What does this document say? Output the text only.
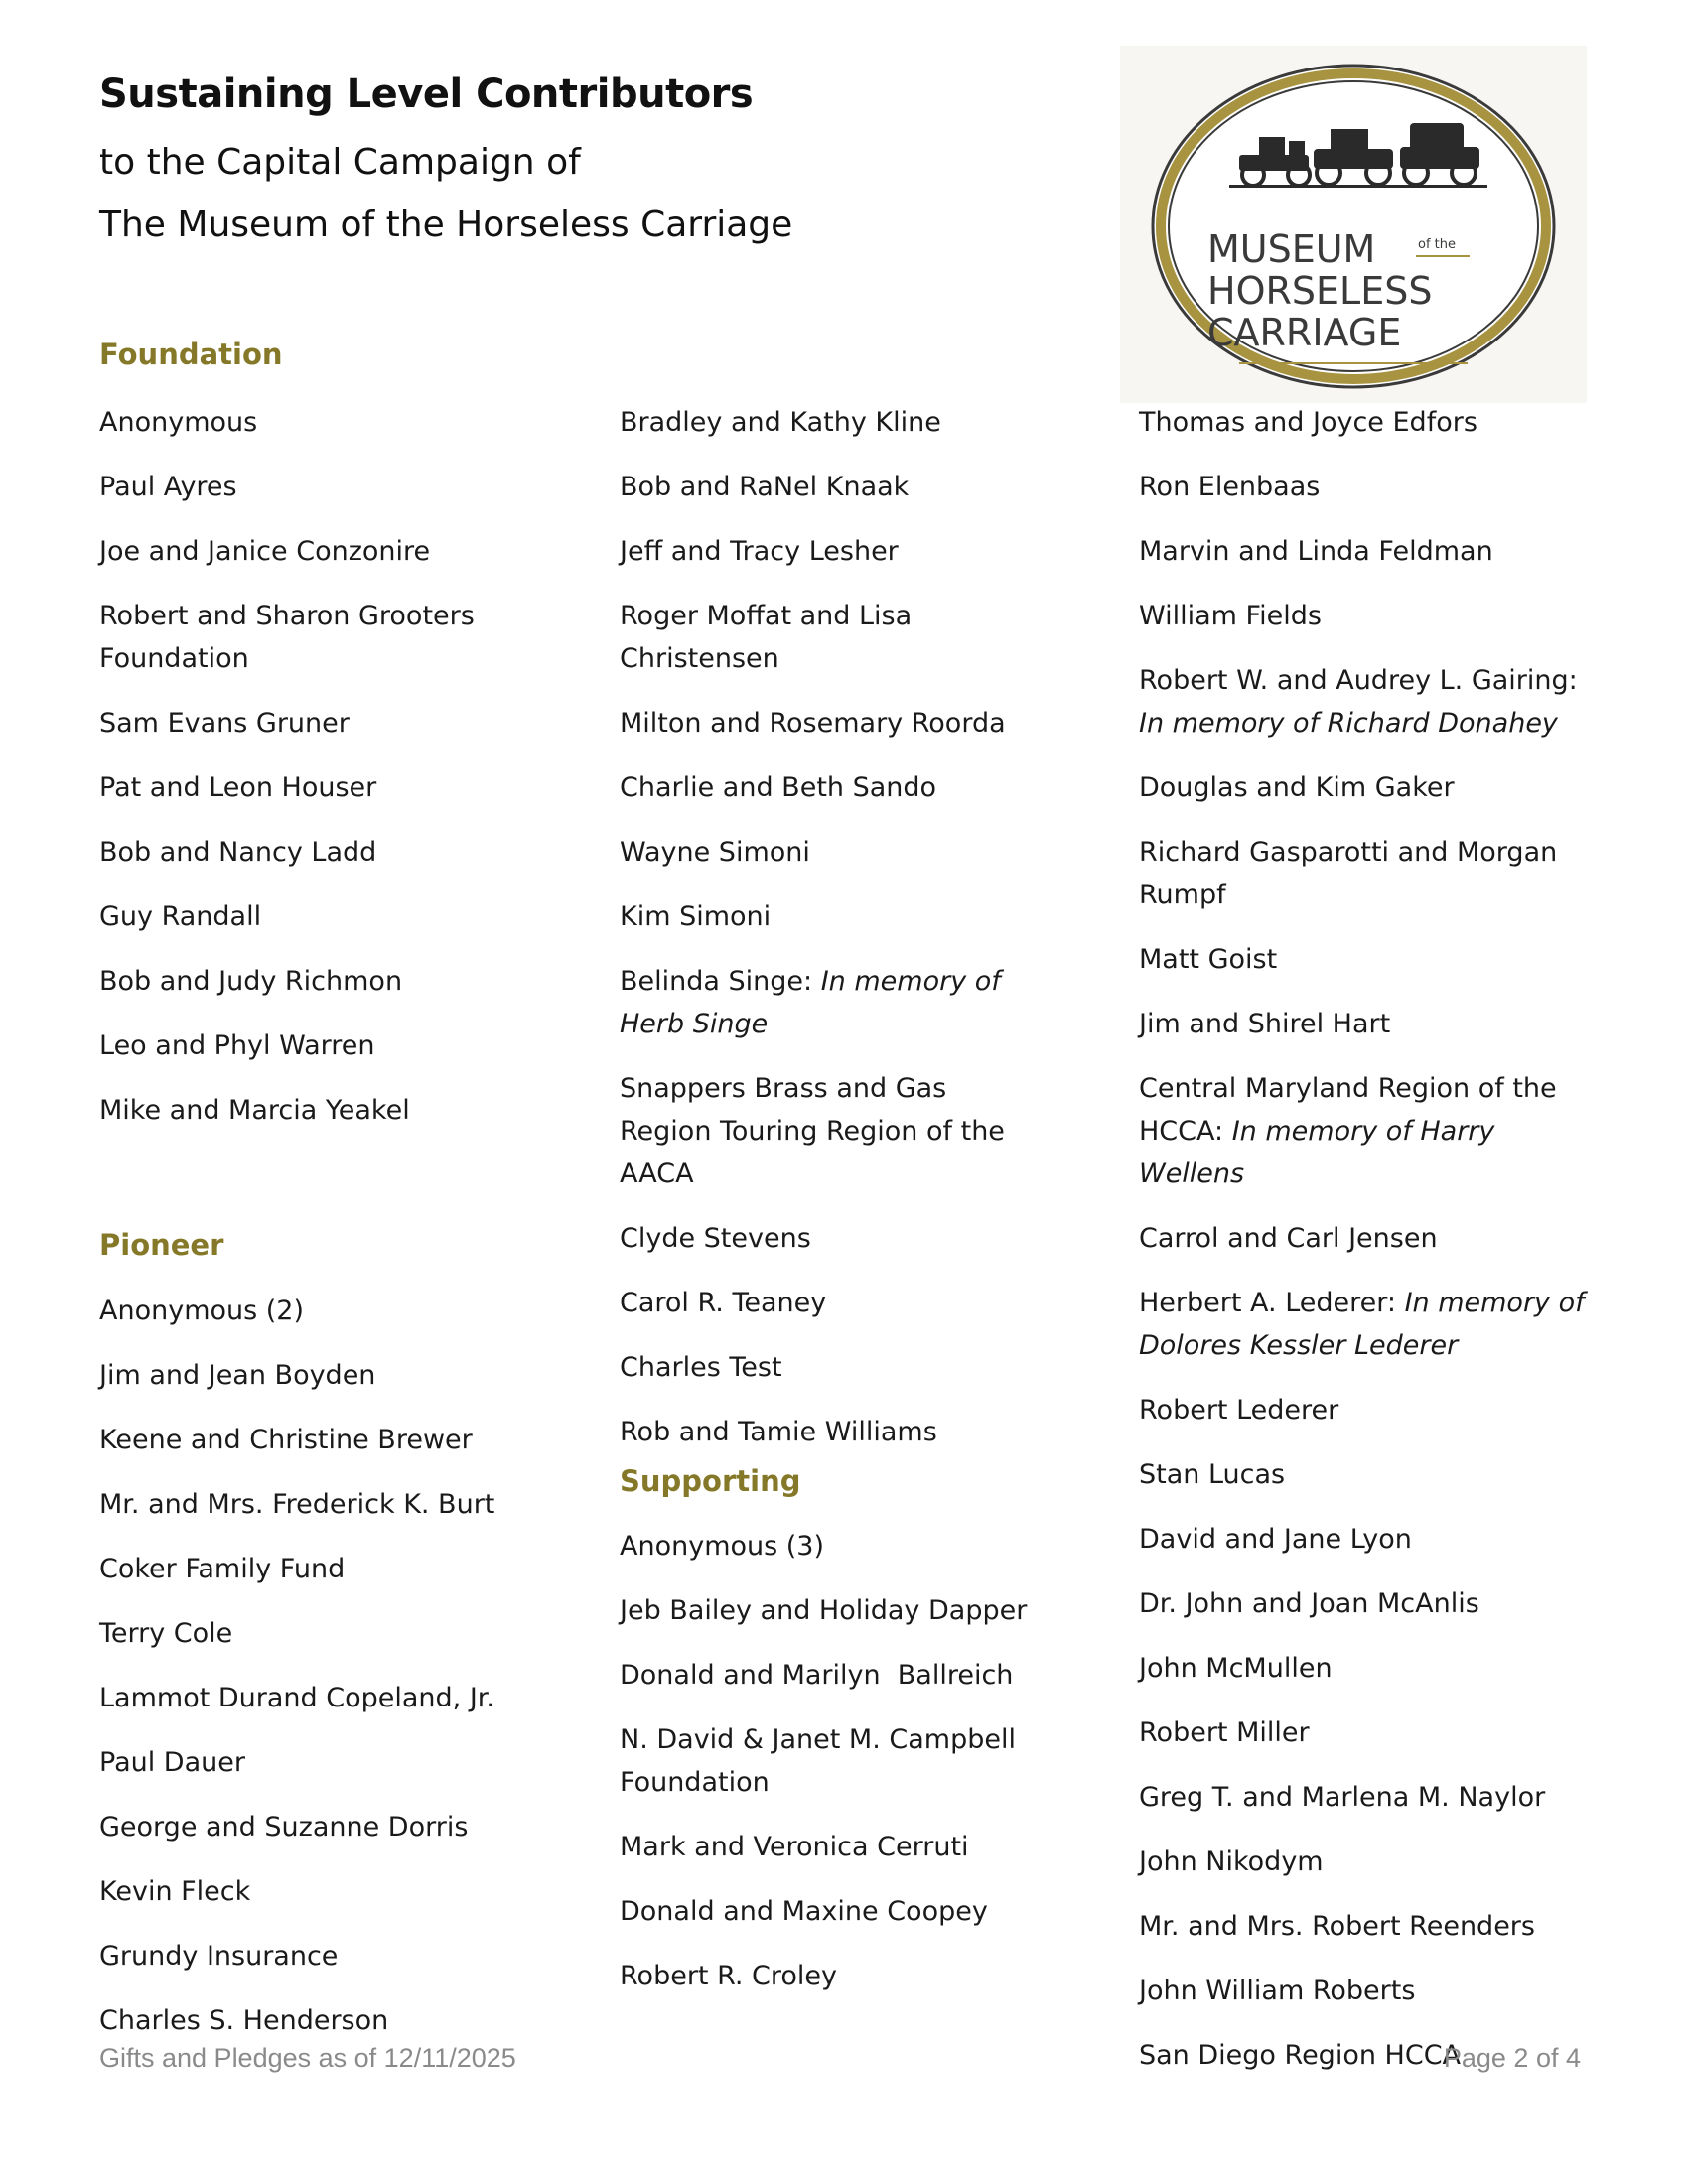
Sustaining Level Contributors

to the Capital Campaign of

The Museum of the Horseless Carriage

MUSEUM	of the
HORSELESS
CARRIAGE
Foundation
Anonymous
Paul Ayres
Joe and Janice Conzonire
Robert and Sharon Grooters Foundation
Sam Evans Gruner
Pat and Leon Houser
Bob and Nancy Ladd
Guy Randall
Bob and Judy Richmon
Leo and Phyl Warren
Mike and Marcia Yeakel
Pioneer
Anonymous (2)
Jim and Jean Boyden
Keene and Christine Brewer
Mr. and Mrs. Frederick K. Burt
Coker Family Fund
Terry Cole
Lammot Durand Copeland, Jr.
Paul Dauer
George and Suzanne Dorris
Kevin Fleck
Grundy Insurance
Charles S. Henderson
Bradley and Kathy Kline
Bob and RaNel Knaak
Jeff and Tracy Lesher
Roger Moffat and Lisa Christensen
Milton and Rosemary Roorda
Charlie and Beth Sando
Wayne Simoni
Kim Simoni
Belinda Singe: In memory of Herb Singe
Snappers Brass and Gas Region Touring Region of the AACA
Clyde Stevens
Carol R. Teaney
Charles Test
Rob and Tamie Williams
Supporting
Anonymous (3)
Jeb Bailey and Holiday Dapper
Donald and Marilyn  Ballreich
N. David & Janet M. Campbell Foundation
Mark and Veronica Cerruti
Donald and Maxine Coopey
Robert R. Croley
Thomas and Joyce Edfors
Ron Elenbaas
Marvin and Linda Feldman
William Fields
Robert W. and Audrey L. Gairing: In memory of Richard Donahey
Douglas and Kim Gaker
Richard Gasparotti and Morgan Rumpf
Matt Goist
Jim and Shirel Hart
Central Maryland Region of the HCCA: In memory of Harry Wellens
Carrol and Carl Jensen
Herbert A. Lederer: In memory of Dolores Kessler Lederer
Robert Lederer
Stan Lucas
David and Jane Lyon
Dr. John and Joan McAnlis
John McMullen
Robert Miller
Greg T. and Marlena M. Naylor
John Nikodym
Mr. and Mrs. Robert Reenders
John William Roberts
San Diego Region HCCA

Gifts and Pledges as of 12/11/2025	Page 2 of 4
